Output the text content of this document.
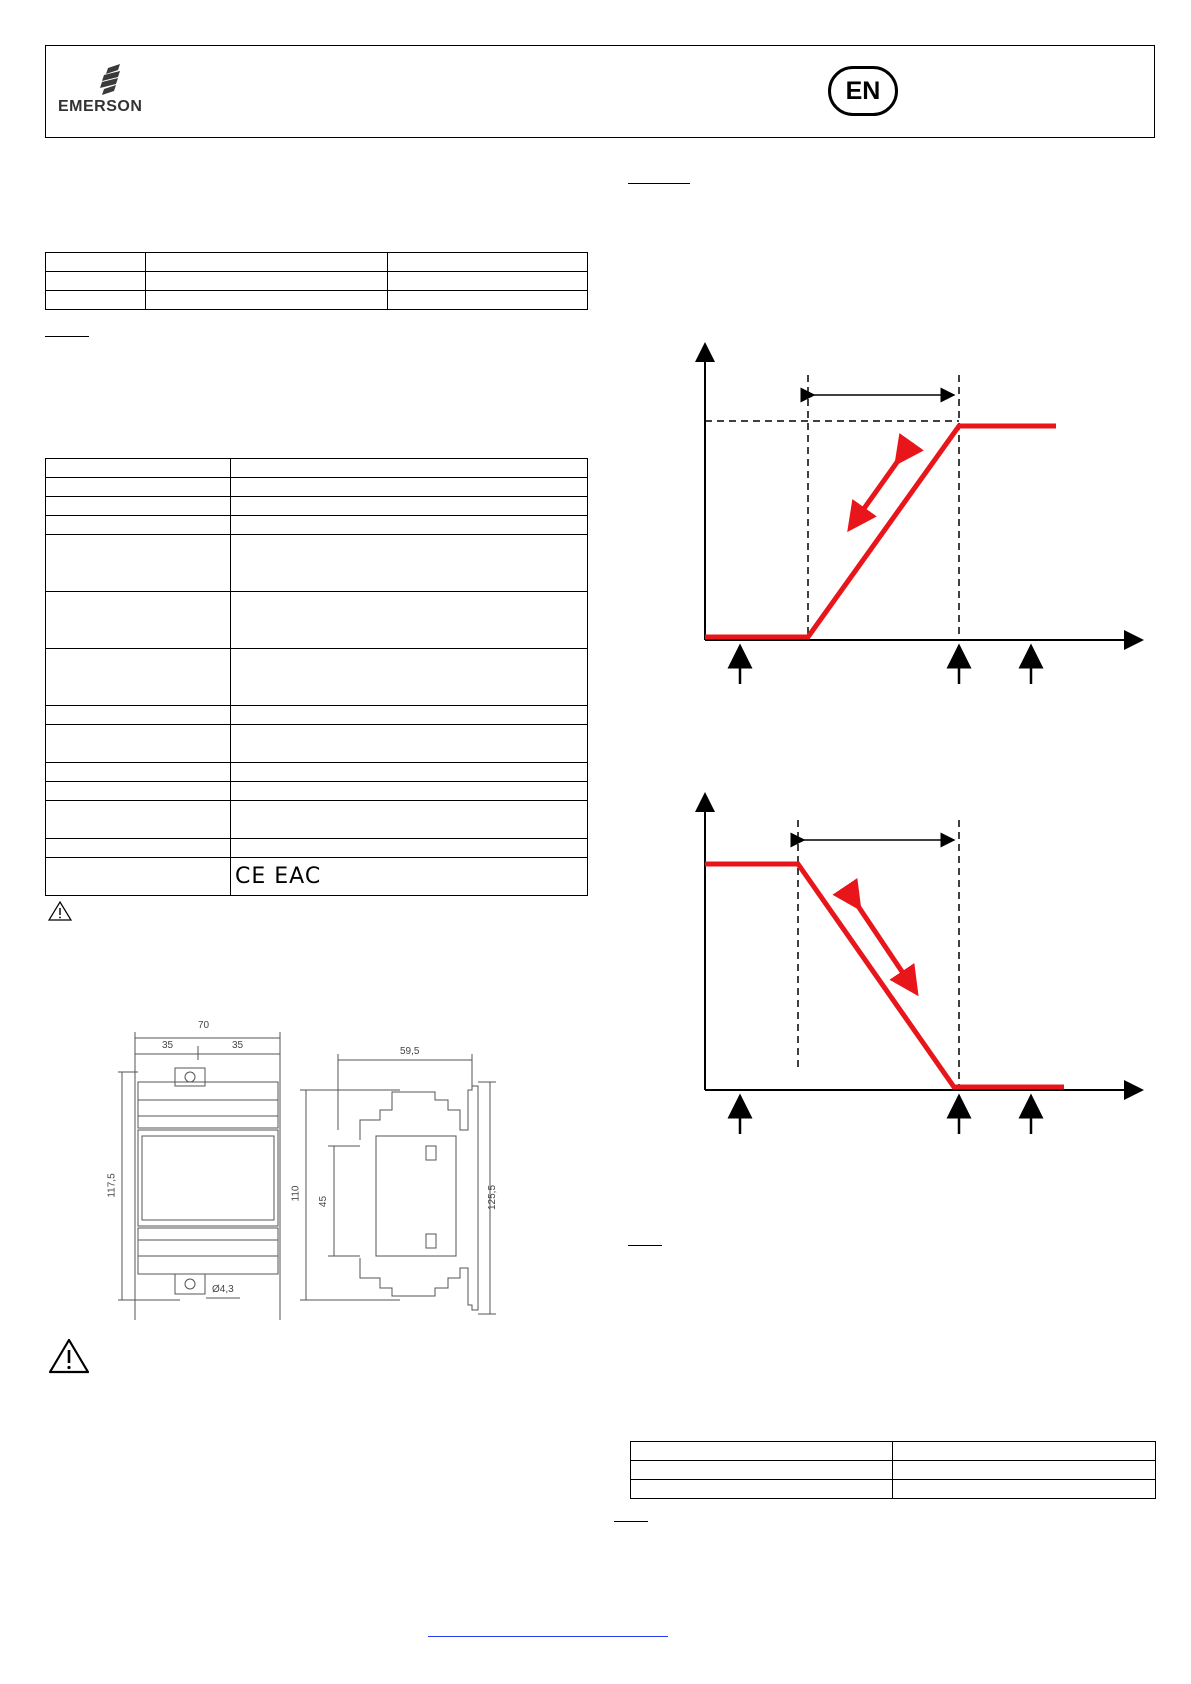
EMERSON
EN

	CE EAC
70
35	35
117,5
Ø4,3
59,5
110
45	125,5
